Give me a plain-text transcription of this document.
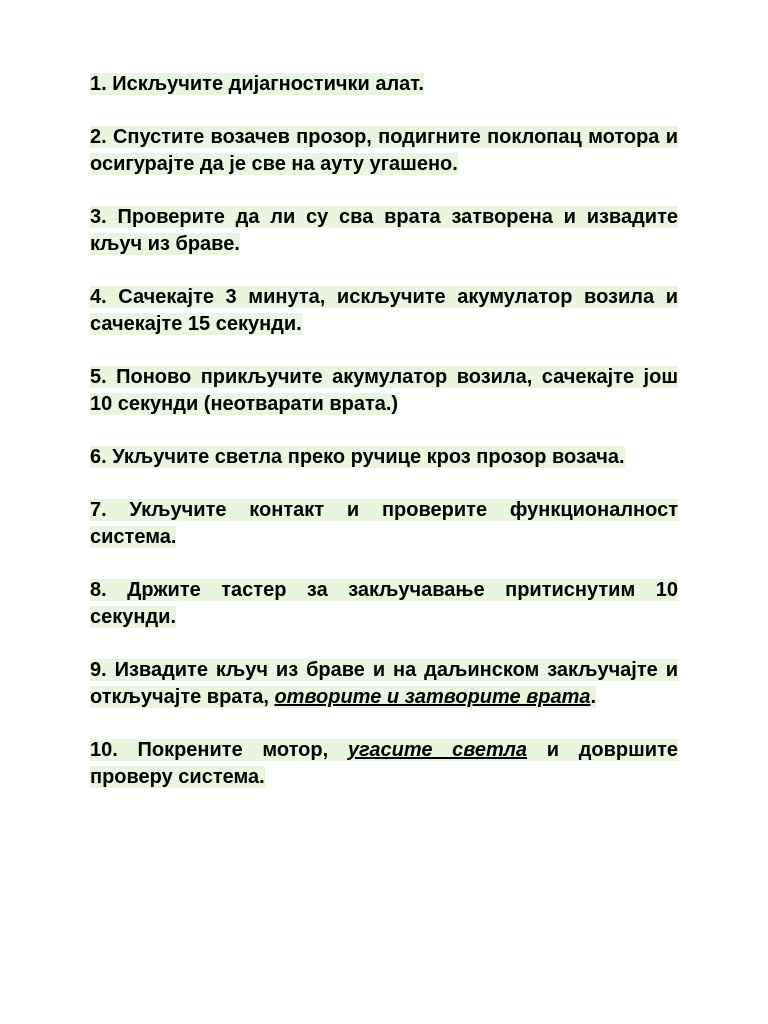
1. Искључите дијагностички алат.

2. Спустите возачев прозор, подигните поклопац мотора и осигурајте да је све на ауту угашено.

3. Проверите да ли су сва врата затворена и извадите кључ из браве.

4. Сачекајте 3 минута, искључите акумулатор возила и сачекајте 15 секунди.

5. Поново прикључите акумулатор возила, сачекајте још 10 секунди (неотварати врата.)

6. Укључите светла преко ручице кроз прозор возача.

7. Укључите контакт и проверите функционалност система.

8. Држите тастер за закључавање притиснутим 10 секунди.

9. Извадите кључ из браве и на даљинском закључајте и откључајте врата, отворите и затворите врата.

10. Покрените мотор, угасите светла и довршите проверу система.
